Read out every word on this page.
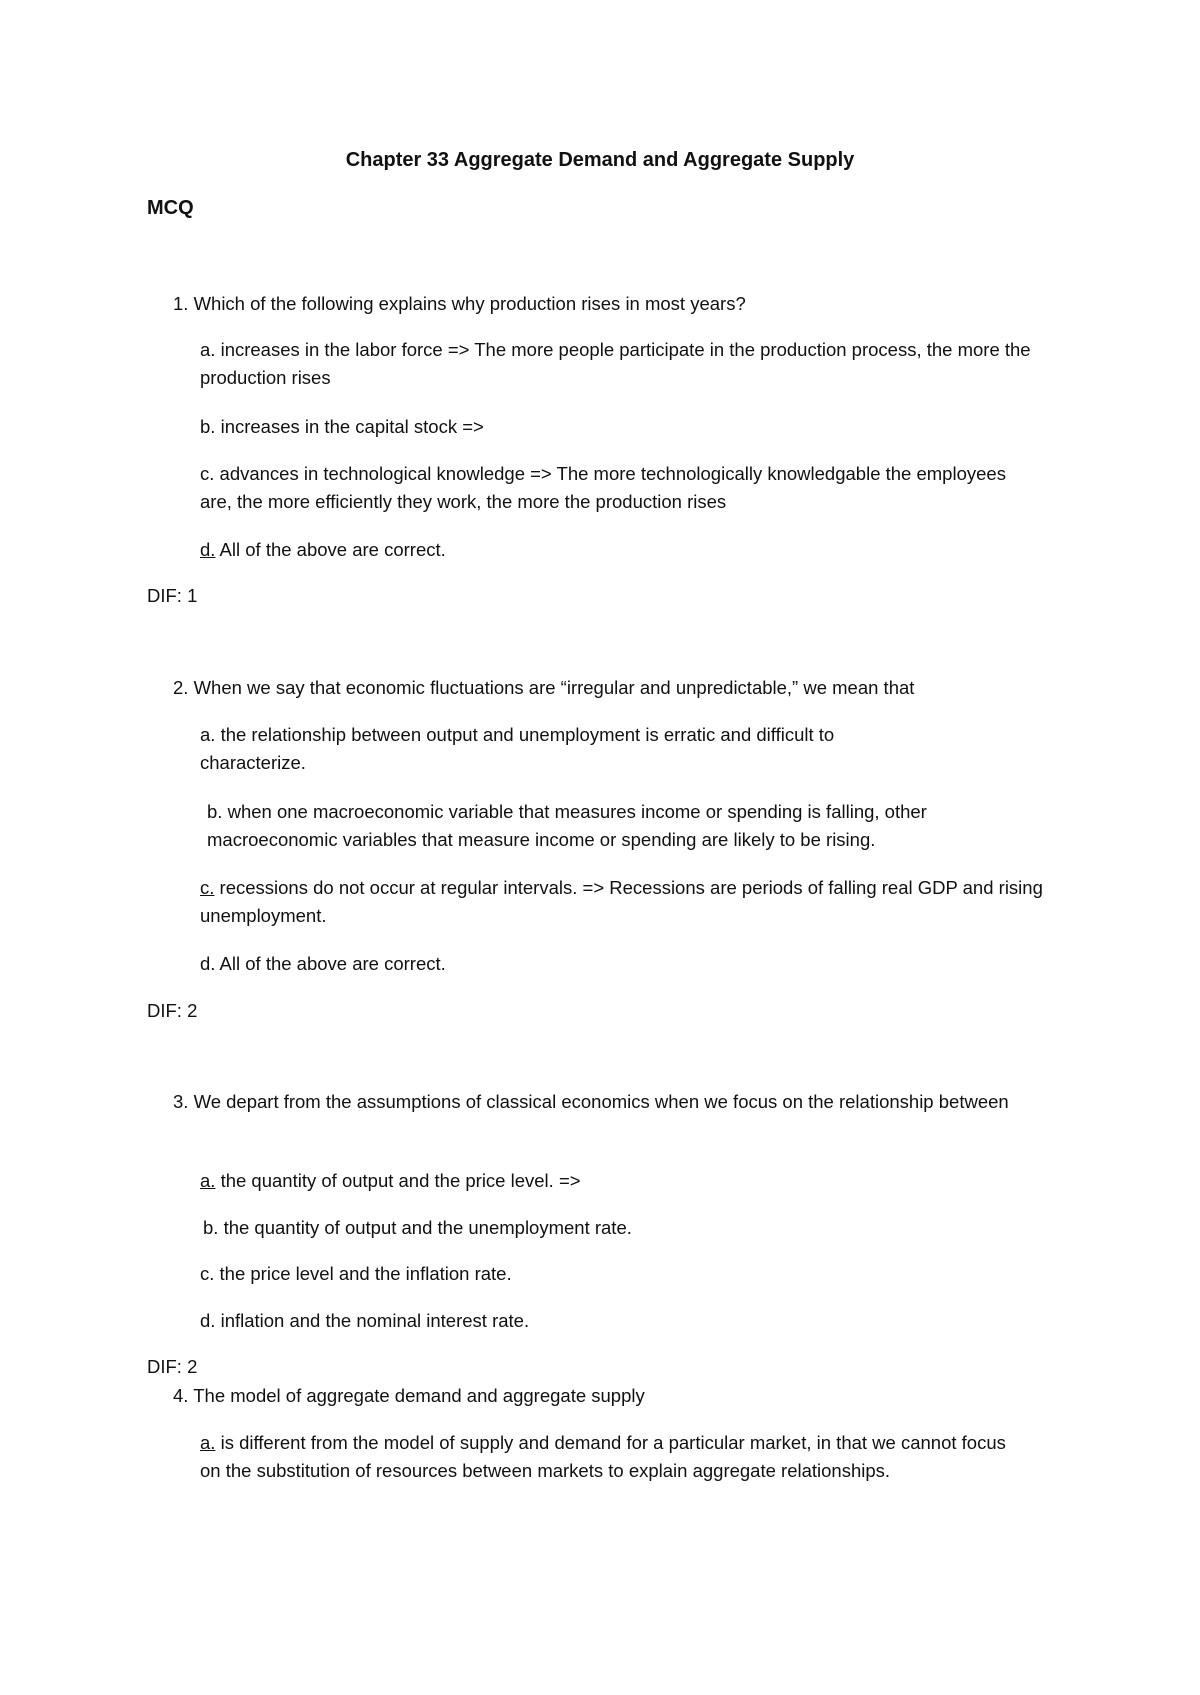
Chapter 33 Aggregate Demand and Aggregate Supply
MCQ
1. Which of the following explains why production rises in most years?
a. increases in the labor force => The more people participate in the production process, the more the production rises
b. increases in the capital stock =>
c. advances in technological knowledge => The more technologically knowledgable the employees are, the more efficiently they work, the more the production rises
d. All of the above are correct.
DIF: 1
2. When we say that economic fluctuations are “irregular and unpredictable,” we mean that
a. the relationship between output and unemployment is erratic and difficult to characterize.
b. when one macroeconomic variable that measures income or spending is falling, other macroeconomic variables that measure income or spending are likely to be rising.
c. recessions do not occur at regular intervals. => Recessions are periods of falling real GDP and rising unemployment.
d. All of the above are correct.
DIF: 2
3. We depart from the assumptions of classical economics when we focus on the relationship between
a. the quantity of output and the price level. =>
b. the quantity of output and the unemployment rate.
c. the price level and the inflation rate.
d. inflation and the nominal interest rate.
DIF: 2
4. The model of aggregate demand and aggregate supply
a. is different from the model of supply and demand for a particular market, in that we cannot focus on the substitution of resources between markets to explain aggregate relationships.
